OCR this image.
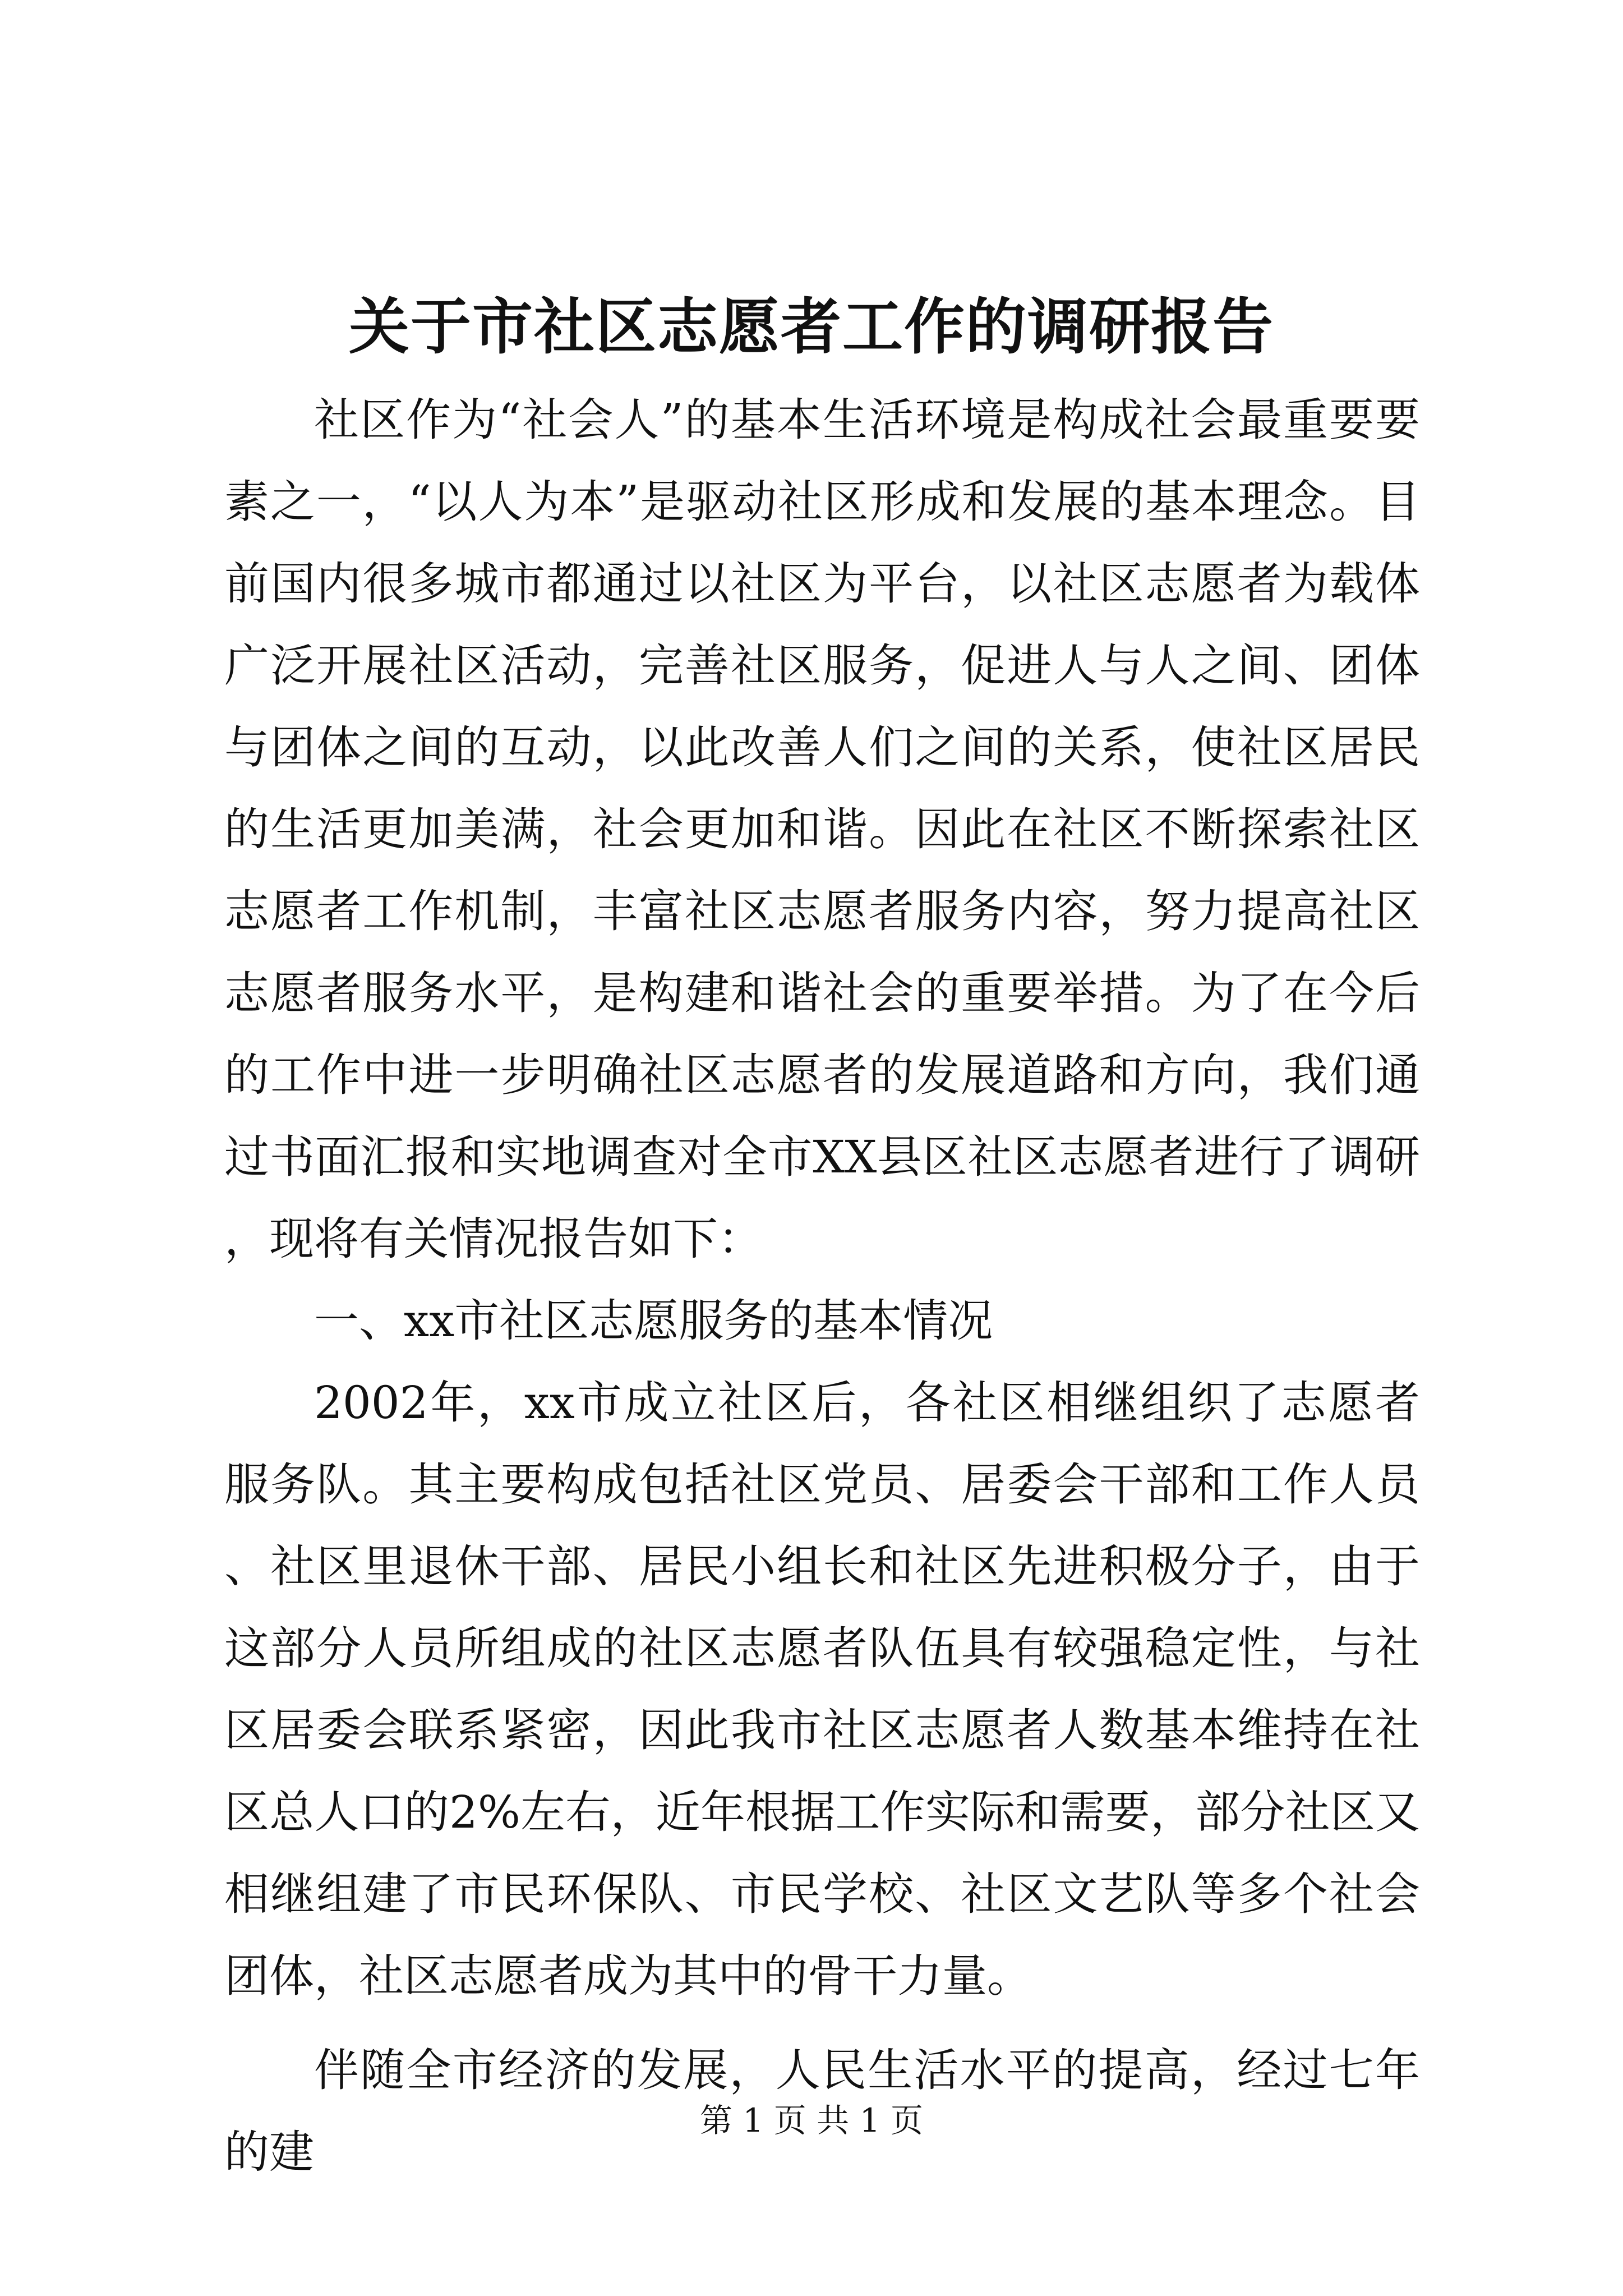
关于市社区志愿者工作的调研报告

社区作为“社会人”的基本生活环境是构成社会最重要要素之一，“以人为本”是驱动社区形成和发展的基本理念。目前国内很多城市都通过以社区为平台，以社区志愿者为载体广泛开展社区活动，完善社区服务，促进人与人之间、团体与团体之间的互动，以此改善人们之间的关系，使社区居民的生活更加美满，社会更加和谐。因此在社区不断探索社区志愿者工作机制，丰富社区志愿者服务内容，努力提高社区志愿者服务水平，是构建和谐社会的重要举措。为了在今后的工作中进一步明确社区志愿者的发展道路和方向，我们通过书面汇报和实地调查对全市XX县区社区志愿者进行了调研，现将有关情况报告如下：

一、xx市社区志愿服务的基本情况

2002年，xx市成立社区后，各社区相继组织了志愿者服务队。其主要构成包括社区党员、居委会干部和工作人员、社区里退休干部、居民小组长和社区先进积极分子，由于这部分人员所组成的社区志愿者队伍具有较强稳定性，与社区居委会联系紧密，因此我市社区志愿者人数基本维持在社区总人口的2%左右，近年根据工作实际和需要，部分社区又相继组建了市民环保队、市民学校、社区文艺队等多个社会团体，社区志愿者成为其中的骨干力量。

伴随全市经济的发展，人民生活水平的提高，经过七年的建

第 1 页 共 1 页
